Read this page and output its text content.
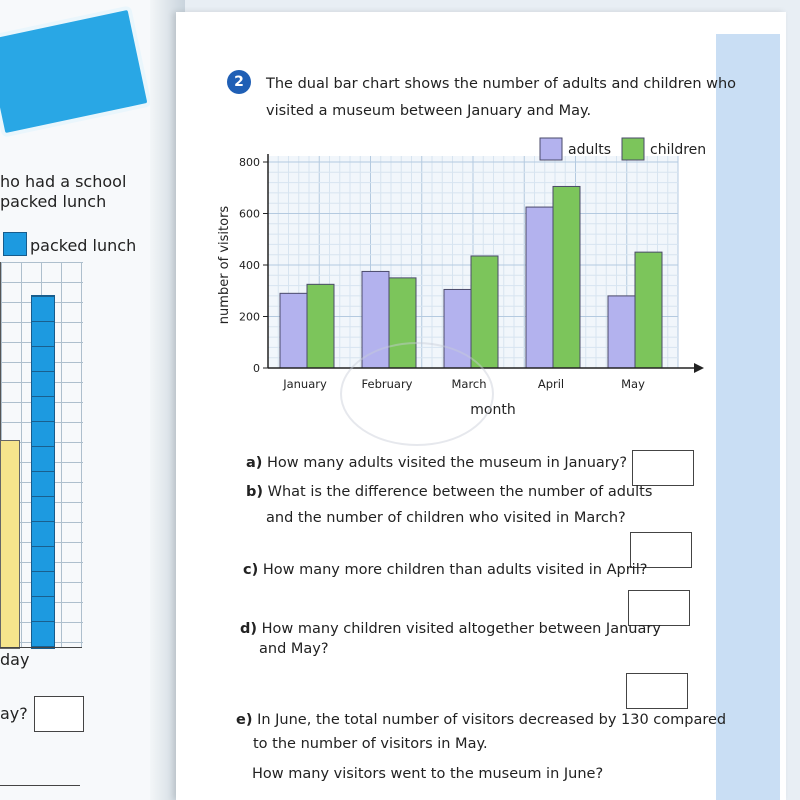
ho had a school
packed lunch
packed lunch
day
ay?
2	The dual bar chart shows the number of adults and children who
visited a museum between January and May.
January	February	March	April	May
0
200
400
600
800
number of visitors
month
adults	children
a) How many adults visited the museum in January?
b) What is the difference between the number of adults
and the number of children who visited in March?
c) How many more children than adults visited in April?
d) How many children visited altogether between January
and May?
e) In June, the total number of visitors decreased by 130 compared
to the number of visitors in May.
How many visitors went to the museum in June?
